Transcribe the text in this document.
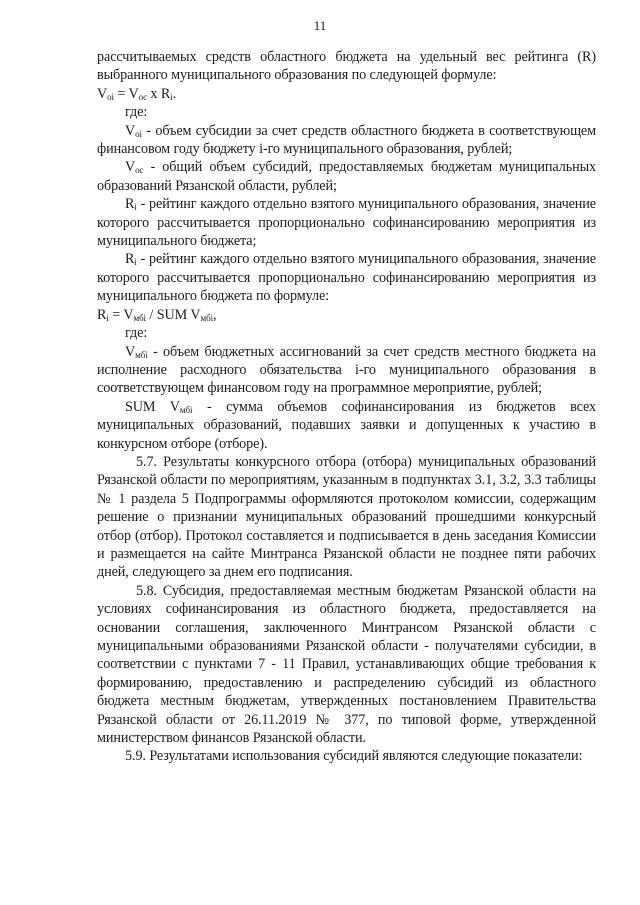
11

рассчитываемых средств областного бюджета на удельный вес рейтинга (R) выбранного муниципального образования по следующей формуле:

$V_{oi} = V_{oc}$ x $R_i$.

где:

$V_{oi}$ - объем субсидии за счет средств областного бюджета в соответствующем финансовом году бюджету i-го муниципального образования, рублей;

$V_{oc}$ - общий объем субсидий, предоставляемых бюджетам муниципальных образований Рязанской области, рублей;

$R_i$ - рейтинг каждого отдельно взятого муниципального образования, значение которого рассчитывается пропорционально софинансированию мероприятия из муниципального бюджета;

$R_i$ - рейтинг каждого отдельно взятого муниципального образования, значение которого рассчитывается пропорционально софинансированию мероприятия из муниципального бюджета по формуле:

$R_i = V_{мбi}$ / SUM $V_{мбi}$,

где:

$V_{мбi}$ - объем бюджетных ассигнований за счет средств местного бюджета на исполнение расходного обязательства i-го муниципального образования в соответствующем финансовом году на программное мероприятие, рублей;

SUM $V_{мбi}$ - сумма объемов софинансирования из бюджетов всех муниципальных образований, подавших заявки и допущенных к участию в конкурсном отборе (отборе).

5.7. Результаты конкурсного отбора (отбора) муниципальных образований Рязанской области по мероприятиям, указанным в подпунктах 3.1, 3.2, 3.3 таблицы № 1 раздела 5 Подпрограммы оформляются протоколом комиссии, содержащим решение о признании муниципальных образований прошедшими конкурсный отбор (отбор). Протокол составляется и подписывается в день заседания Комиссии и размещается на сайте Минтранса Рязанской области не позднее пяти рабочих дней, следующего за днем его подписания.

5.8. Субсидия, предоставляемая местным бюджетам Рязанской области на условиях софинансирования из областного бюджета, предоставляется на основании соглашения, заключенного Минтрансом Рязанской области с муниципальными образованиями Рязанской области - получателями субсидии, в соответствии с пунктами 7 - 11 Правил, устанавливающих общие требования к формированию, предоставлению и распределению субсидий из областного бюджета местным бюджетам, утвержденных постановлением Правительства Рязанской области от 26.11.2019 № 377, по типовой форме, утвержденной министерством финансов Рязанской области.

5.9. Результатами использования субсидий являются следующие показатели:
